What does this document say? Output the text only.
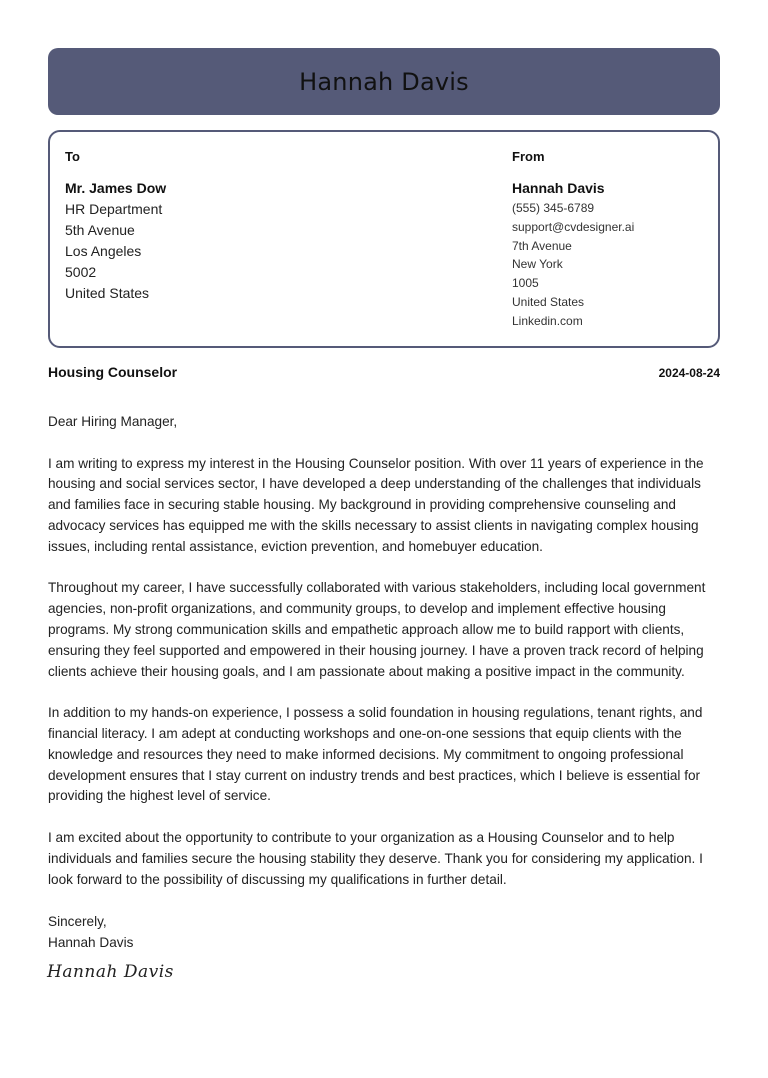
Hannah Davis
To
Mr. James Dow
HR Department
5th Avenue
Los Angeles
5002
United States
From
Hannah Davis
(555) 345-6789
support@cvdesigner.ai
7th Avenue
New York
1005
United States
Linkedin.com
Housing Counselor	2024-08-24

Dear Hiring Manager,

I am writing to express my interest in the Housing Counselor position. With over 11 years of experience in the housing and social services sector, I have developed a deep understanding of the challenges that individuals and families face in securing stable housing. My background in providing comprehensive counseling and advocacy services has equipped me with the skills necessary to assist clients in navigating complex housing issues, including rental assistance, eviction prevention, and homebuyer education.

Throughout my career, I have successfully collaborated with various stakeholders, including local government agencies, non-profit organizations, and community groups, to develop and implement effective housing programs. My strong communication skills and empathetic approach allow me to build rapport with clients, ensuring they feel supported and empowered in their housing journey. I have a proven track record of helping clients achieve their housing goals, and I am passionate about making a positive impact in the community.

In addition to my hands-on experience, I possess a solid foundation in housing regulations, tenant rights, and financial literacy. I am adept at conducting workshops and one-on-one sessions that equip clients with the knowledge and resources they need to make informed decisions. My commitment to ongoing professional development ensures that I stay current on industry trends and best practices, which I believe is essential for providing the highest level of service.

I am excited about the opportunity to contribute to your organization as a Housing Counselor and to help individuals and families secure the housing stability they deserve. Thank you for considering my application. I look forward to the possibility of discussing my qualifications in further detail.

Sincerely,
Hannah Davis
Hannah Davis
